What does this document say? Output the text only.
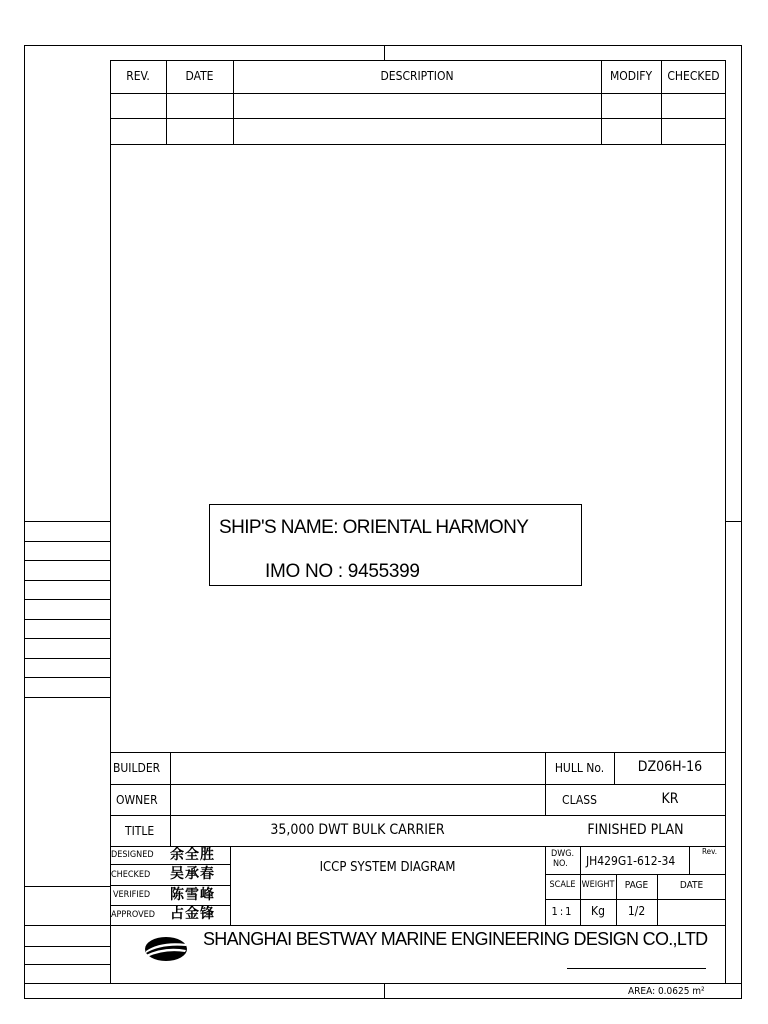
REV.	DATE	DESCRIPTION	MODIFY	CHECKED
SHIP'S NAME: ORIENTAL HARMONY
IMO NO : 9455399
BUILDER
OWNER
TITLE	35,000 DWT BULK CARRIER
HULL No.	DZ06H-16
CLASS	KR
FINISHED PLAN
DESIGNED 余全胜
CHECKED 吴承春
VERIFIED 陈雪峰
APPROVED 占金锋
ICCP SYSTEM DIAGRAM
DWG.
NO. JH429G1-612-34
Rev.
SCALE WEIGHT	PAGE	DATE
1:1	Kg	1/2
SHANGHAI BESTWAY MARINE ENGINEERING DESIGN CO.,LTD
AREA: 0.0625 m²
